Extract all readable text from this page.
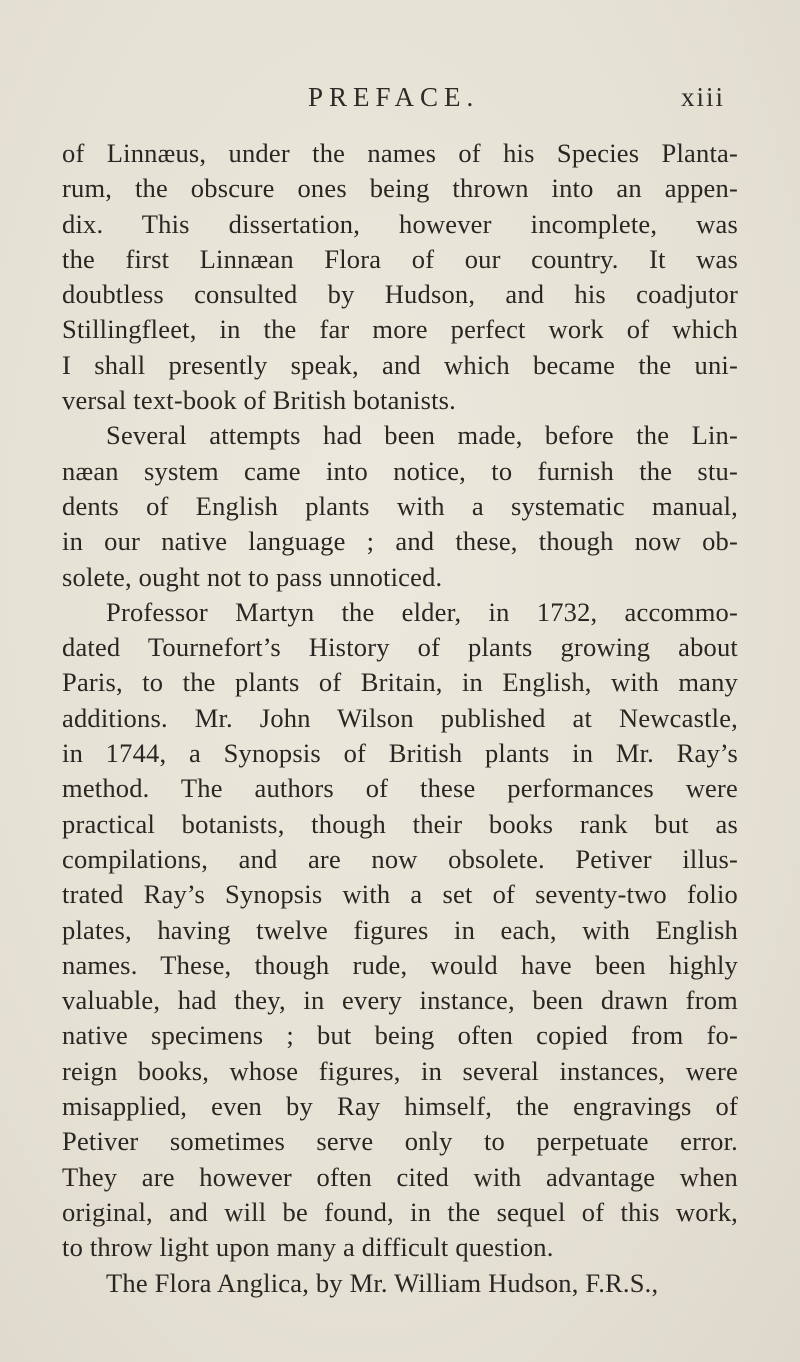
PREFACE.	xiii
of Linnæus, under the names of his Species Planta-
rum, the obscure ones being thrown into an appen-
dix. This dissertation, however incomplete, was
the first Linnæan Flora of our country. It was
doubtless consulted by Hudson, and his coadjutor
Stillingfleet, in the far more perfect work of which
I shall presently speak, and which became the uni-
versal text-book of British botanists.
Several attempts had been made, before the Lin-
næan system came into notice, to furnish the stu-
dents of English plants with a systematic manual,
in our native language ; and these, though now ob-
solete, ought not to pass unnoticed.
Professor Martyn the elder, in 1732, accommo-
dated Tournefort’s History of plants growing about
Paris, to the plants of Britain, in English, with many
additions. Mr. John Wilson published at Newcastle,
in 1744, a Synopsis of British plants in Mr. Ray’s
method. The authors of these performances were
practical botanists, though their books rank but as
compilations, and are now obsolete. Petiver illus-
trated Ray’s Synopsis with a set of seventy-two folio
plates, having twelve figures in each, with English
names. These, though rude, would have been highly
valuable, had they, in every instance, been drawn from
native specimens ; but being often copied from fo-
reign books, whose figures, in several instances, were
misapplied, even by Ray himself, the engravings of
Petiver sometimes serve only to perpetuate error.
They are however often cited with advantage when
original, and will be found, in the sequel of this work,
to throw light upon many a difficult question.
The Flora Anglica, by Mr. William Hudson, F.R.S.,
